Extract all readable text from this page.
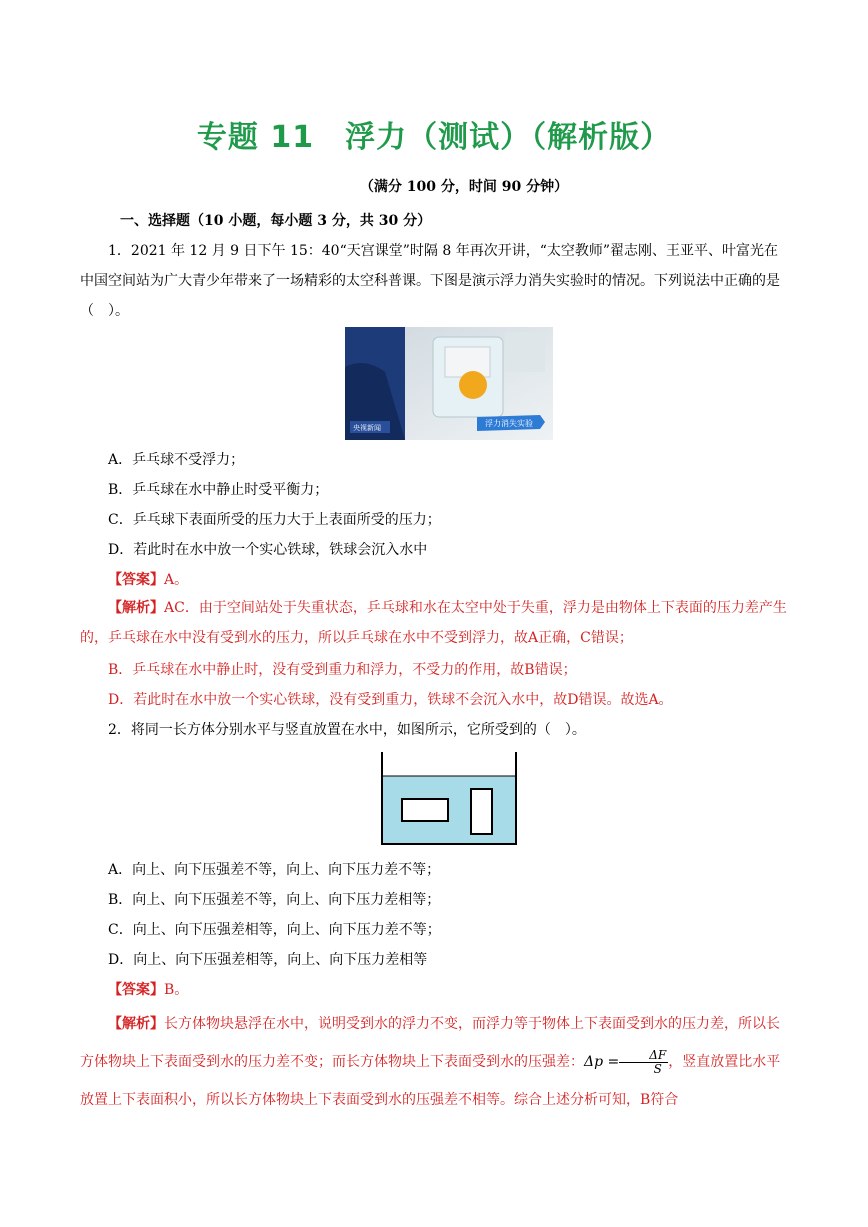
专题 11　浮力（测试）（解析版）
（满分 100 分，时间 90 分钟）
一、选择题（10 小题，每小题 3 分，共 30 分）
1．2021 年 12 月 9 日下午 15：40“天宫课堂”时隔 8 年再次开讲，“太空教师”翟志刚、王亚平、叶富光在中国空间站为广大青少年带来了一场精彩的太空科普课。下图是演示浮力消失实验时的情况。下列说法中正确的是（　）。
浮力消失实验
央视新闻
A．乒乓球不受浮力；
B．乒乓球在水中静止时受平衡力；
C．乒乓球下表面所受的压力大于上表面所受的压力；
D．若此时在水中放一个实心铁球，铁球会沉入水中
【答案】A。
【解析】AC．由于空间站处于失重状态，乒乓球和水在太空中处于失重，浮力是由物体上下表面的压力差产生的，乒乓球在水中没有受到水的压力，所以乒乓球在水中不受到浮力，故A正确，C错误；
B．乒乓球在水中静止时，没有受到重力和浮力，不受力的作用，故B错误；
D．若此时在水中放一个实心铁球，没有受到重力，铁球不会沉入水中，故D错误。故选A。
2．将同一长方体分别水平与竖直放置在水中，如图所示，它所受到的（　）。
A．向上、向下压强差不等，向上、向下压力差不等；
B．向上、向下压强差不等，向上、向下压力差相等；
C．向上、向下压强差相等，向上、向下压力差不等；
D．向上、向下压强差相等，向上、向下压力差相等
【答案】B。
【解析】长方体物块悬浮在水中，说明受到水的浮力不变，而浮力等于物体上下表面受到水的压力差，所以长方体物块上下表面受到水的压力差不变；而长方体物块上下表面受到水的压强差：$\Delta p = \frac{\Delta F}{S}$ ，竖直放置比水平放置上下表面积小，所以长方体物块上下表面受到水的压强差不相等。综合上述分析可知，B符合
